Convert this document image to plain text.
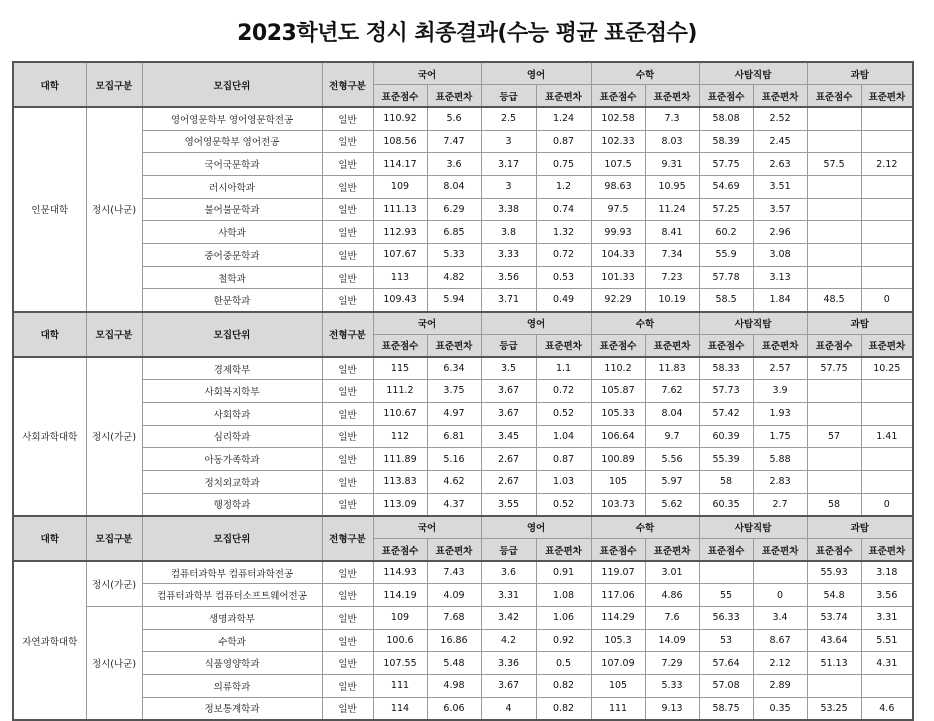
2023학년도 정시 최종결과(수능 평균 표준점수)
대학	모집구분	모집단위	전형구분	국어		영어		수학		사탐직탐		과탐	
				표준점수	표준편차	등급	표준편차	표준점수	표준편차	표준점수	표준편차	표준점수	표준편차
인문대학	정시(나군)	영어영문학부 영어영문학전공	일반	110.92	5.6	2.5	1.24	102.58	7.3	58.08	2.52		
		영어영문학부 영어전공	일반	108.56	7.47	3	0.87	102.33	8.03	58.39	2.45		
		국어국문학과	일반	114.17	3.6	3.17	0.75	107.5	9.31	57.75	2.63	57.5	2.12
		러시아학과	일반	109	8.04	3	1.2	98.63	10.95	54.69	3.51		
		불어불문학과	일반	111.13	6.29	3.38	0.74	97.5	11.24	57.25	3.57		
		사학과	일반	112.93	6.85	3.8	1.32	99.93	8.41	60.2	2.96		
		중어중문학과	일반	107.67	5.33	3.33	0.72	104.33	7.34	55.9	3.08		
		철학과	일반	113	4.82	3.56	0.53	101.33	7.23	57.78	3.13		
		한문학과	일반	109.43	5.94	3.71	0.49	92.29	10.19	58.5	1.84	48.5	0
대학	모집구분	모집단위	전형구분	국어		영어		수학		사탐직탐		과탐	
				표준점수	표준편차	등급	표준편차	표준점수	표준편차	표준점수	표준편차	표준점수	표준편차
사회과학대학	정시(가군)	경제학부	일반	115	6.34	3.5	1.1	110.2	11.83	58.33	2.57	57.75	10.25
		사회복지학부	일반	111.2	3.75	3.67	0.72	105.87	7.62	57.73	3.9		
		사회학과	일반	110.67	4.97	3.67	0.52	105.33	8.04	57.42	1.93		
		심리학과	일반	112	6.81	3.45	1.04	106.64	9.7	60.39	1.75	57	1.41
		아동가족학과	일반	111.89	5.16	2.67	0.87	100.89	5.56	55.39	5.88		
		정치외교학과	일반	113.83	4.62	2.67	1.03	105	5.97	58	2.83		
		행정학과	일반	113.09	4.37	3.55	0.52	103.73	5.62	60.35	2.7	58	0
대학	모집구분	모집단위	전형구분	국어		영어		수학		사탐직탐		과탐	
				표준점수	표준편차	등급	표준편차	표준점수	표준편차	표준점수	표준편차	표준점수	표준편차
자연과학대학	정시(가군)	컴퓨터과학부 컴퓨터과학전공	일반	114.93	7.43	3.6	0.91	119.07	3.01			55.93	3.18
		컴퓨터과학부 컴퓨터소프트웨어전공	일반	114.19	4.09	3.31	1.08	117.06	4.86	55	0	54.8	3.56
	정시(나군)	생명과학부	일반	109	7.68	3.42	1.06	114.29	7.6	56.33	3.4	53.74	3.31
		수학과	일반	100.6	16.86	4.2	0.92	105.3	14.09	53	8.67	43.64	5.51
		식품영양학과	일반	107.55	5.48	3.36	0.5	107.09	7.29	57.64	2.12	51.13	4.31
		의류학과	일반	111	4.98	3.67	0.82	105	5.33	57.08	2.89		
		정보통계학과	일반	114	6.06	4	0.82	111	9.13	58.75	0.35	53.25	4.6
